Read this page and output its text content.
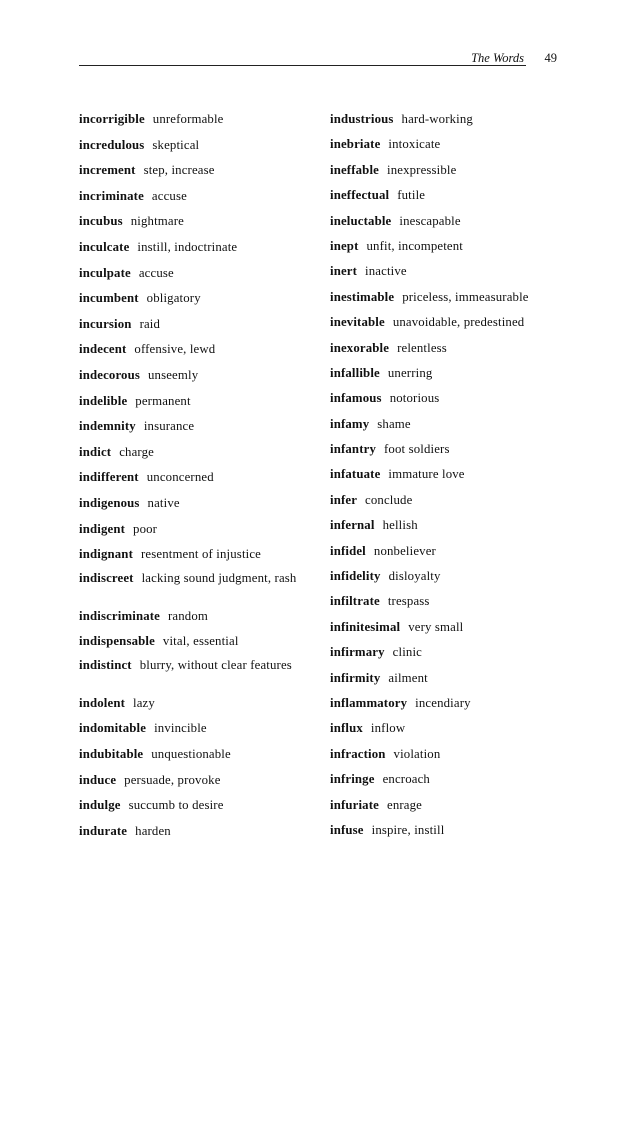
The Words 49
incorrigible unreformable
incredulous skeptical
increment step, increase
incriminate accuse
incubus nightmare
inculcate instill, indoctrinate
inculpate accuse
incumbent obligatory
incursion raid
indecent offensive, lewd
indecorous unseemly
indelible permanent
indemnity insurance
indict charge
indifferent unconcerned
indigenous native
indigent poor
indignant resentment of injustice
indiscreet lacking sound judgment, rash
indiscriminate random
indispensable vital, essential
indistinct blurry, without clear features
indolent lazy
indomitable invincible
indubitable unquestionable
induce persuade, provoke
indulge succumb to desire
indurate harden
industrious hard-working
inebriate intoxicate
ineffable inexpressible
ineffectual futile
ineluctable inescapable
inept unfit, incompetent
inert inactive
inestimable priceless, immeasurable
inevitable unavoidable, predestined
inexorable relentless
infallible unerring
infamous notorious
infamy shame
infantry foot soldiers
infatuate immature love
infer conclude
infernal hellish
infidel nonbeliever
infidelity disloyalty
infiltrate trespass
infinitesimal very small
infirmary clinic
infirmity ailment
inflammatory incendiary
influx inflow
infraction violation
infringe encroach
infuriate enrage
infuse inspire, instill
